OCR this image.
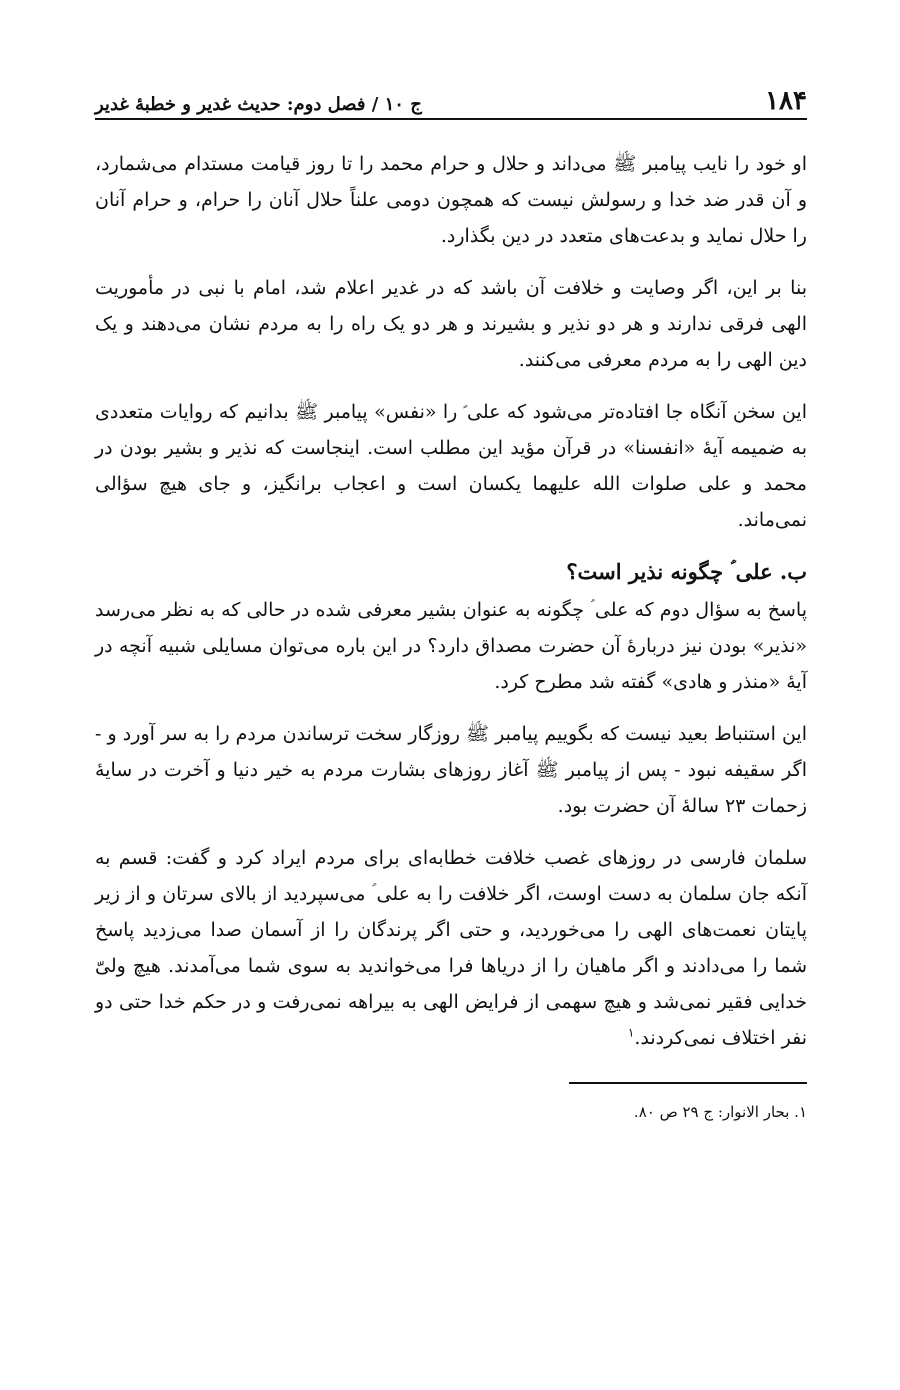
۱۸۴
ج ۱۰ / فصل دوم: حدیث غدیر و خطبهٔ غدیر

او خود را نایب پیامبر ﷺ می‌داند و حلال و حرام محمد را تا روز قیامت مستدام می‌شمارد، و آن قدر ضد خدا و رسولش نیست که همچون دومی علناً حلال آنان را حرام، و حرام آنان را حلال نماید و بدعت‌های متعدد در دین بگذارد.

بنا بر این، اگر وصایت و خلافت آن باشد که در غدیر اعلام شد، امام با نبی در مأموریت الهی فرقی ندارند و هر دو نذیر و بشیرند و هر دو یک راه را به مردم نشان می‌دهند و یک دین الهی را به مردم معرفی می‌کنند.

این سخن آنگاه جا افتاده‌تر می‌شود که علی ؑ را «نفس» پیامبر ﷺ بدانیم که روایات متعددی به ضمیمه آیهٔ «انفسنا» در قرآن مؤید این مطلب است. اینجاست که نذیر و بشیر بودن در محمد و علی صلوات الله علیهما یکسان است و اعجاب برانگیز، و جای هیچ سؤالی نمی‌ماند.

ب. علی ؑ چگونه نذیر است؟

پاسخ به سؤال دوم که علی ؑ چگونه به عنوان بشیر معرفی شده در حالی که به نظر می‌رسد «نذیر» بودن نیز دربارهٔ آن حضرت مصداق دارد؟ در این باره می‌توان مسایلی شبیه آنچه در آیهٔ «منذر و هادی» گفته شد مطرح کرد.

این استنباط بعید نیست که بگوییم پیامبر ﷺ روزگار سخت ترساندن مردم را به سر آورد و - اگر سقیفه نبود - پس از پیامبر ﷺ آغاز روزهای بشارت مردم به خیر دنیا و آخرت در سایهٔ زحمات ۲۳ سالهٔ آن حضرت بود.

سلمان فارسی در روزهای غصب خلافت خطابه‌ای برای مردم ایراد کرد و گفت: قسم به آنکه جان سلمان به دست اوست، اگر خلافت را به علی ؑ می‌سپردید از بالای سرتان و از زیر پایتان نعمت‌های الهی را می‌خوردید، و حتی اگر پرندگان را از آسمان صدا می‌زدید پاسخ شما را می‌دادند و اگر ماهیان را از دریاها فرا می‌خواندید به سوی شما می‌آمدند. هیچ ولیّ خدایی فقیر نمی‌شد و هیچ سهمی از فرایض الهی به بیراهه نمی‌رفت و در حکم خدا حتی دو نفر اختلاف نمی‌کردند.$^۱$

۱. بحار الانوار: ج ۲۹ ص ۸۰.
